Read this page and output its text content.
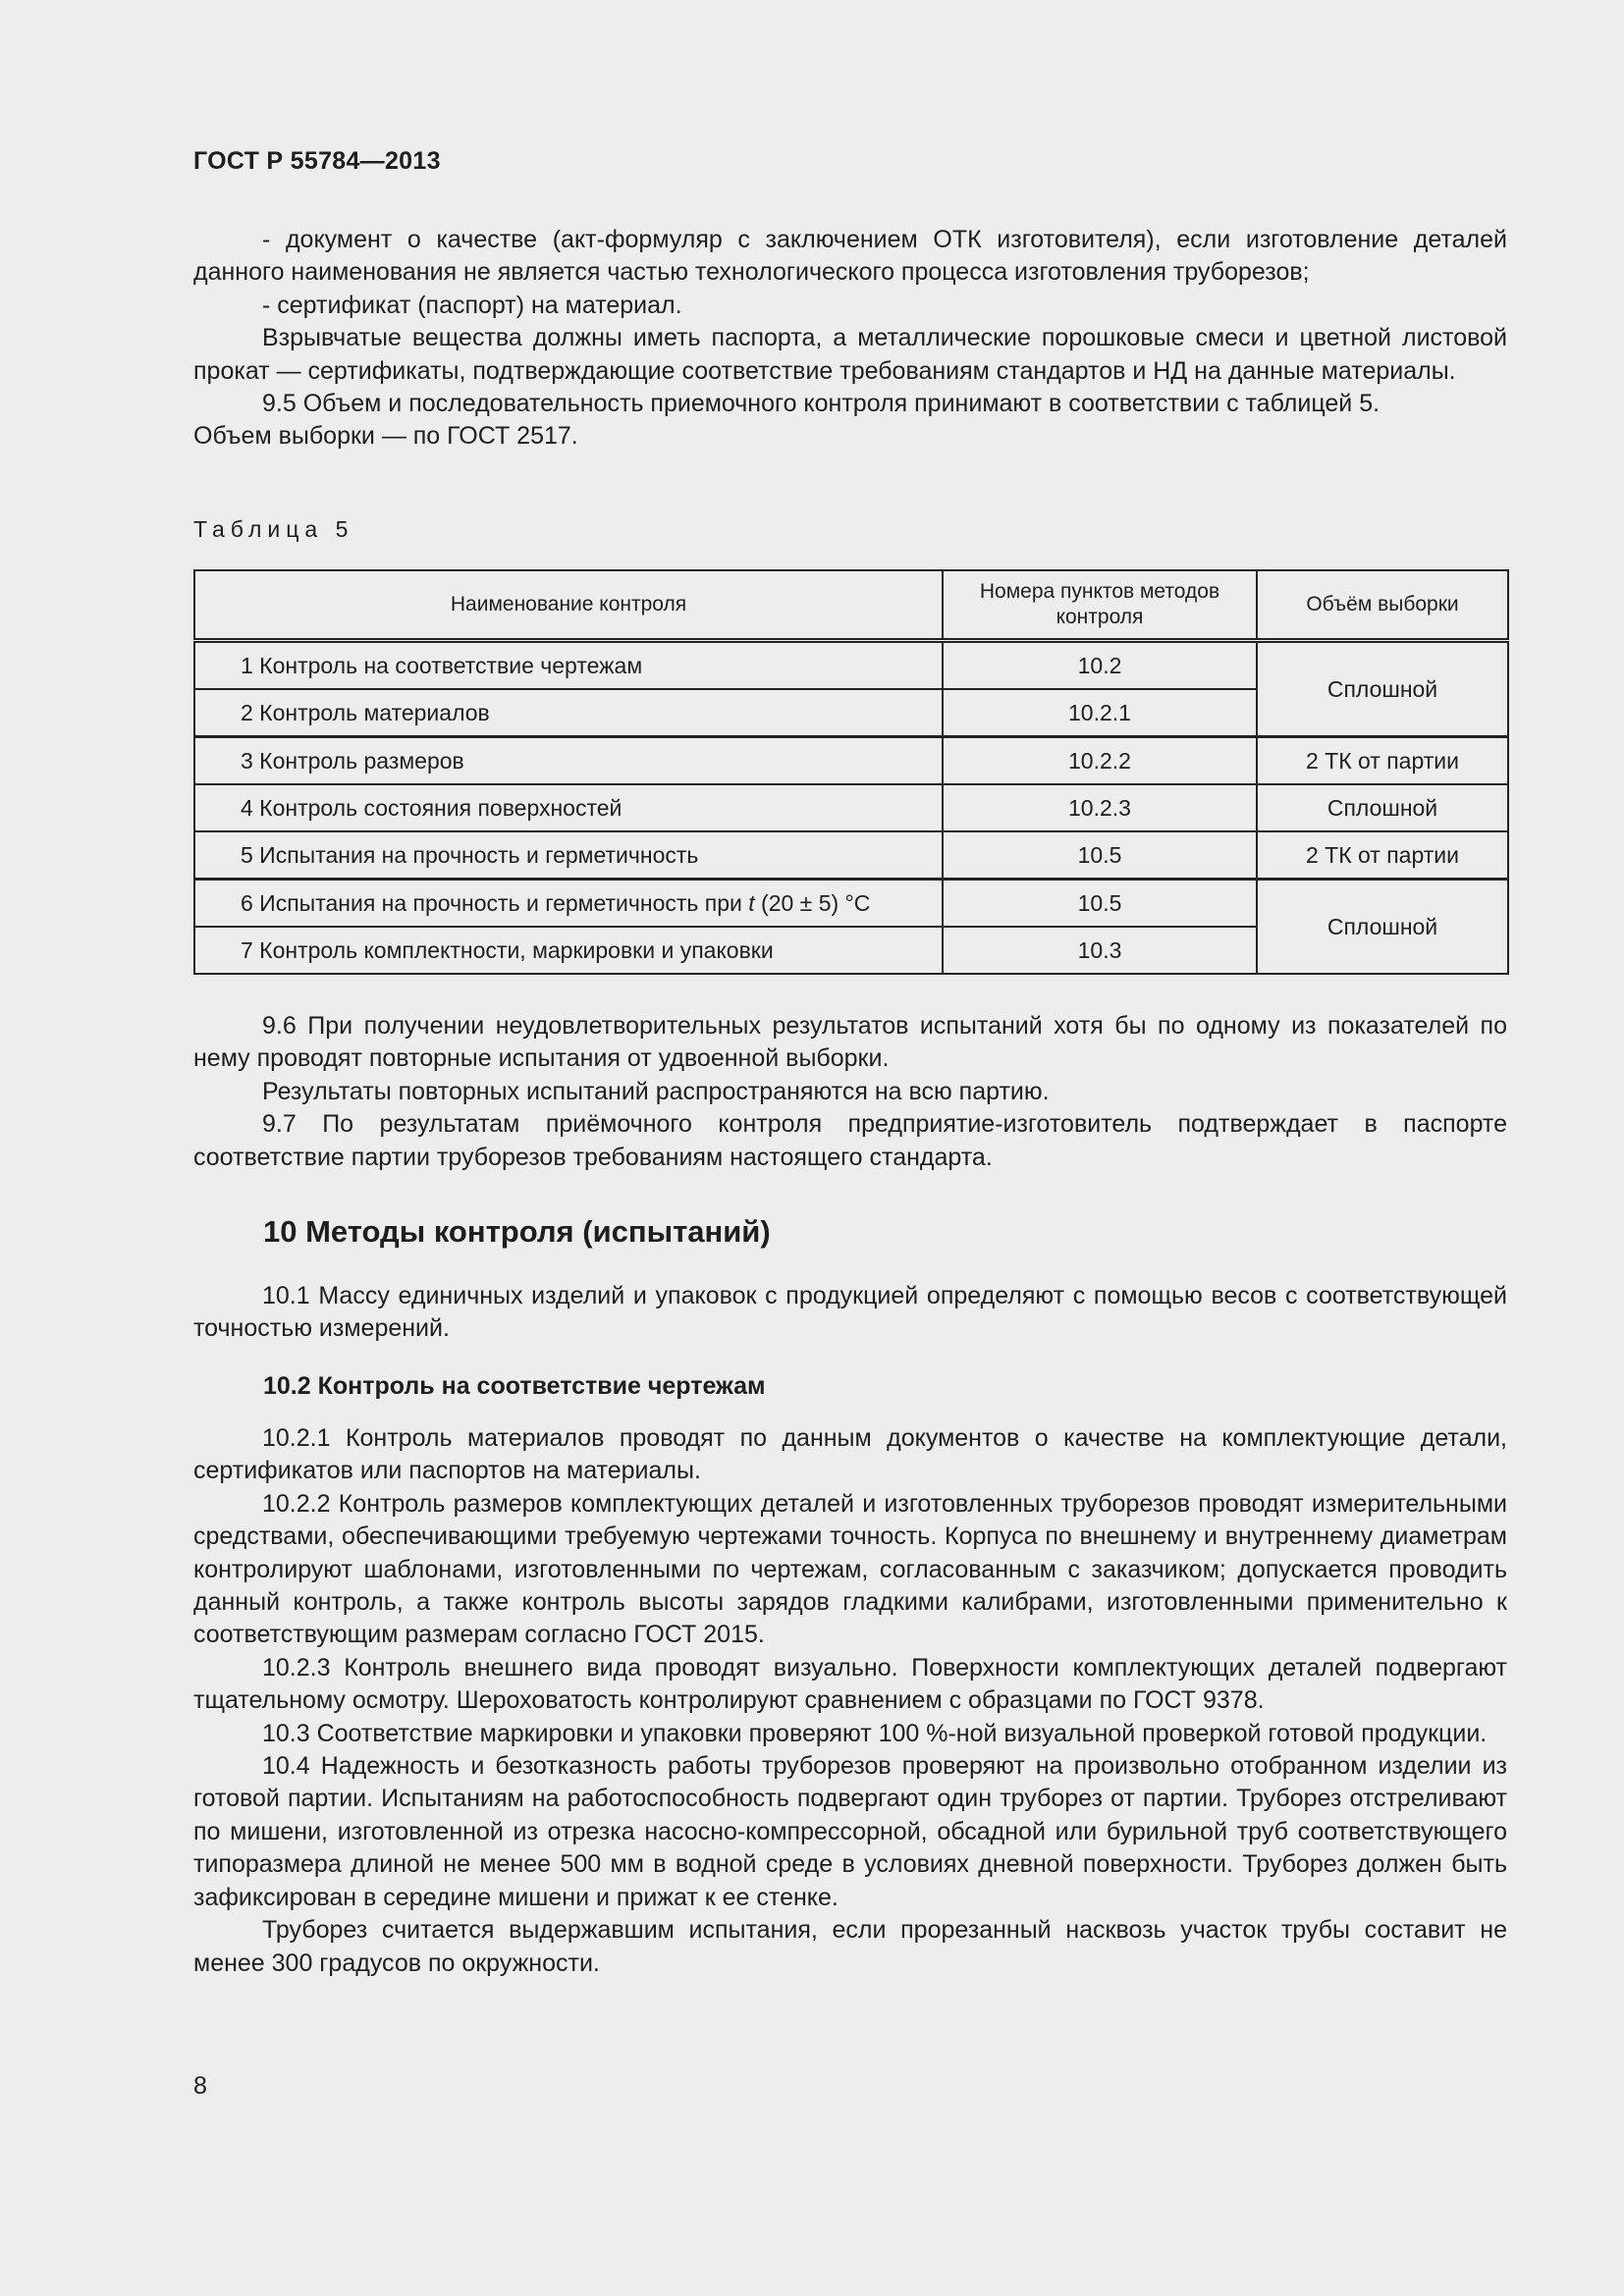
ГОСТ Р 55784—2013

- документ о качестве (акт-формуляр с заключением ОТК изготовителя), если изготовление деталей данного наименования не является частью технологического процесса изготовления труборезов;

- сертификат (паспорт) на материал.

Взрывчатые вещества должны иметь паспорта, а металлические порошковые смеси и цветной листовой прокат — сертификаты, подтверждающие соответствие требованиям стандартов и НД на данные материалы.

9.5 Объем и последовательность приемочного контроля принимают в соответствии с таблицей 5.

Объем выборки — по ГОСТ 2517.

Таблица 5
Наименование контроля	Номера пунктов методов контроля	Объём выборки
1 Контроль на соответствие чертежам	10.2	Сплошной
2 Контроль материалов	10.2.1	
3 Контроль размеров	10.2.2	2 ТК от партии
4 Контроль состояния поверхностей	10.2.3	Сплошной
5 Испытания на прочность и герметичность	10.5	2 ТК от партии
6 Испытания на прочность и герметичность при t (20 ± 5) °C	10.5	Сплошной
7 Контроль комплектности, маркировки и упаковки	10.3	

9.6 При получении неудовлетворительных результатов испытаний хотя бы по одному из показателей по нему проводят повторные испытания от удвоенной выборки.

Результаты повторных испытаний распространяются на всю партию.

9.7 По результатам приёмочного контроля предприятие-изготовитель подтверждает в паспорте соответствие партии труборезов требованиям настоящего стандарта.

10 Методы контроля (испытаний)

10.1 Массу единичных изделий и упаковок с продукцией определяют с помощью весов с соответствующей точностью измерений.

10.2 Контроль на соответствие чертежам

10.2.1 Контроль материалов проводят по данным документов о качестве на комплектующие детали, сертификатов или паспортов на материалы.

10.2.2 Контроль размеров комплектующих деталей и изготовленных труборезов проводят измерительными средствами, обеспечивающими требуемую чертежами точность. Корпуса по внешнему и внутреннему диаметрам контролируют шаблонами, изготовленными по чертежам, согласованным с заказчиком; допускается проводить данный контроль, а также контроль высоты зарядов гладкими калибрами, изготовленными применительно к соответствующим размерам согласно ГОСТ 2015.

10.2.3 Контроль внешнего вида проводят визуально. Поверхности комплектующих деталей подвергают тщательному осмотру. Шероховатость контролируют сравнением с образцами по ГОСТ 9378.

10.3 Соответствие маркировки и упаковки проверяют 100 %-ной визуальной проверкой готовой продукции.

10.4 Надежность и безотказность работы труборезов проверяют на произвольно отобранном изделии из готовой партии. Испытаниям на работоспособность подвергают один труборез от партии. Труборез отстреливают по мишени, изготовленной из отрезка насосно-компрессорной, обсадной или бурильной труб соответствующего типоразмера длиной не менее 500 мм в водной среде в условиях дневной поверхности. Труборез должен быть зафиксирован в середине мишени и прижат к ее стенке.

Труборез считается выдержавшим испытания, если прорезанный насквозь участок трубы составит не менее 300 градусов по окружности.

8
